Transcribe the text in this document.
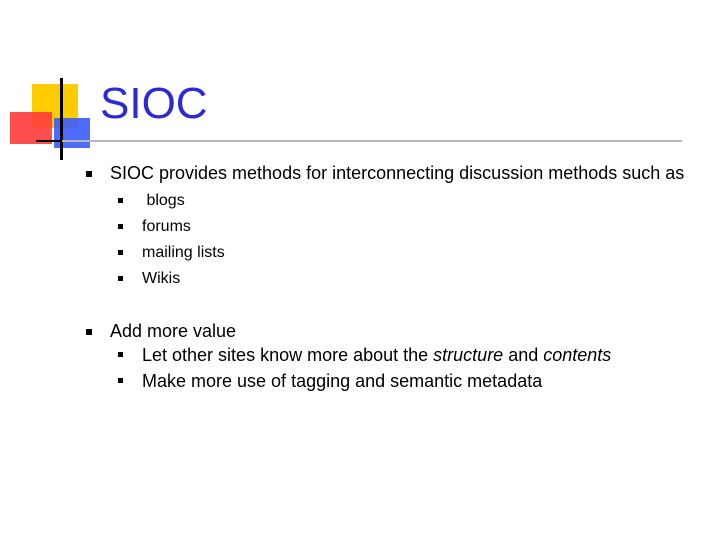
SIOC

SIOC provides methods for interconnecting discussion methods such as

blogs
forums
mailing lists
Wikis

Add more value

Let other sites know more about the structure and contents
Make more use of tagging and semantic metadata
